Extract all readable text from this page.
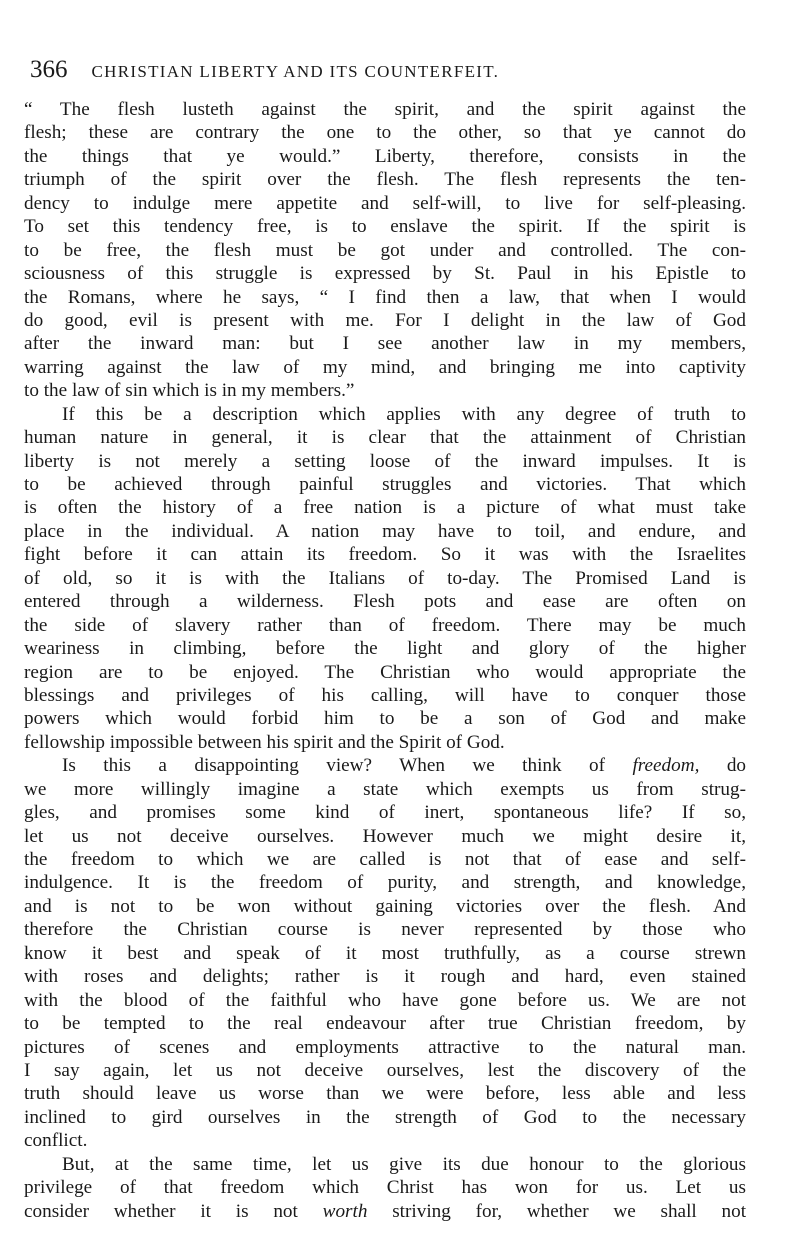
366 CHRISTIAN LIBERTY AND ITS COUNTERFEIT.
“ The flesh lusteth against the spirit, and the spirit against the
flesh; these are contrary the one to the other, so that ye cannot do
the things that ye would.” Liberty, therefore, consists in the
triumph of the spirit over the flesh. The flesh represents the ten-
dency to indulge mere appetite and self-will, to live for self-pleasing.
To set this tendency free, is to enslave the spirit. If the spirit is
to be free, the flesh must be got under and controlled. The con-
sciousness of this struggle is expressed by St. Paul in his Epistle to
the Romans, where he says, “ I find then a law, that when I would
do good, evil is present with me. For I delight in the law of God
after the inward man: but I see another law in my members,
warring against the law of my mind, and bringing me into captivity
to the law of sin which is in my members.”
If this be a description which applies with any degree of truth to
human nature in general, it is clear that the attainment of Christian
liberty is not merely a setting loose of the inward impulses. It is
to be achieved through painful struggles and victories. That which
is often the history of a free nation is a picture of what must take
place in the individual. A nation may have to toil, and endure, and
fight before it can attain its freedom. So it was with the Israelites
of old, so it is with the Italians of to-day. The Promised Land is
entered through a wilderness. Flesh pots and ease are often on
the side of slavery rather than of freedom. There may be much
weariness in climbing, before the light and glory of the higher
region are to be enjoyed. The Christian who would appropriate the
blessings and privileges of his calling, will have to conquer those
powers which would forbid him to be a son of God and make
fellowship impossible between his spirit and the Spirit of God.
Is this a disappointing view? When we think of freedom, do
we more willingly imagine a state which exempts us from strug-
gles, and promises some kind of inert, spontaneous life? If so,
let us not deceive ourselves. However much we might desire it,
the freedom to which we are called is not that of ease and self-
indulgence. It is the freedom of purity, and strength, and knowledge,
and is not to be won without gaining victories over the flesh. And
therefore the Christian course is never represented by those who
know it best and speak of it most truthfully, as a course strewn
with roses and delights; rather is it rough and hard, even stained
with the blood of the faithful who have gone before us. We are not
to be tempted to the real endeavour after true Christian freedom, by
pictures of scenes and employments attractive to the natural man.
I say again, let us not deceive ourselves, lest the discovery of the
truth should leave us worse than we were before, less able and less
inclined to gird ourselves in the strength of God to the necessary
conflict.
But, at the same time, let us give its due honour to the glorious
privilege of that freedom which Christ has won for us. Let us
consider whether it is not worth striving for, whether we shall not
